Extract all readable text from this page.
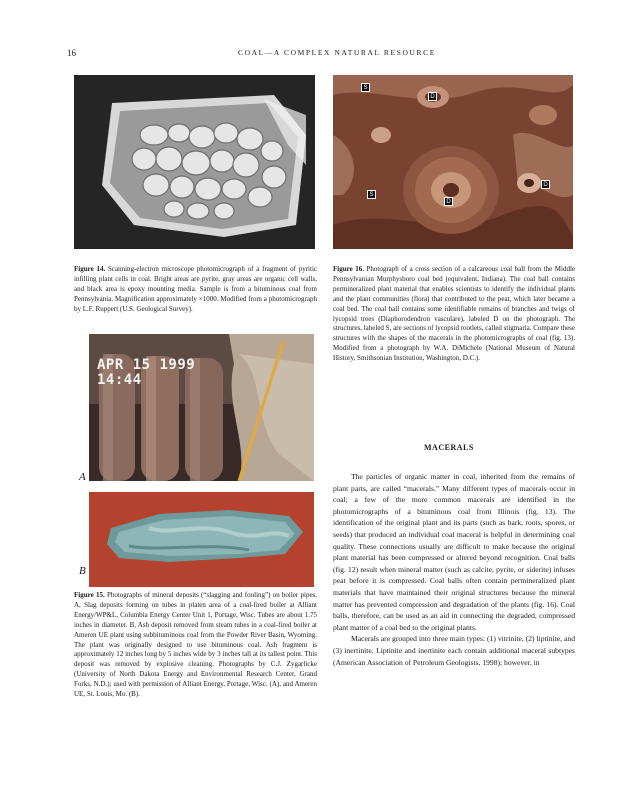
16	COAL—A COMPLEX NATURAL RESOURCE
S
D
S
D
D

Figure 14. Scanning-electron microscope photomicrograph of a fragment of pyritic infilling plant cells in coal. Bright areas are pyrite, gray areas are organic cell walls, and black area is epoxy mounting media. Sample is from a bituminous coal from Pennsylvania. Magnification approximately ×1000. Modified from a photomicrograph by L.F. Ruppert (U.S. Geological Survey).

Figure 16. Photograph of a cross section of a calcareous coal ball from the Middle Pennsylvanian Murphysboro coal bed (equivalent, Indiana). The coal ball contains permineralized plant material that enables scientists to identify the individual plants and the plant communities (flora) that contributed to the peat, which later became a coal bed. The coal ball contains some identifiable remains of branches and twigs of lycopsid trees (Diaphorodendron vasculare), labeled D on the photograph. The structures, labeled S, are sections of lycopsid rootlets, called stigmaria. Compare these structures with the shapes of the macerals in the photomicrographs of coal (fig. 13). Modified from a photograph by W.A. DiMichele (National Museum of Natural History, Smithsonian Institution, Washington, D.C.).

APR 15 1999
14:44
A
B

Figure 15. Photographs of mineral deposits (“slagging and fouling”) on boiler pipes. A, Slag deposits forming on tubes in platen area of a coal-fired boiler at Alliant Energy/WP&L, Columbia Energy Center Unit 1, Portage, Wisc. Tubes are about 1.75 inches in diameter. B, Ash deposit removed from steam tubes in a coal-fired boiler at Ameren UE plant using subbituminous coal from the Powder River Basin, Wyoming. The plant was originally designed to use bituminous coal. Ash fragment is approximately 12 inches long by 5 inches wide by 3 inches tall at its tallest point. This deposit was removed by explosive cleaning. Photographs by C.J. Zygarlicke (University of North Dakota Energy and Environmental Research Center, Grand Forks, N.D.); used with permission of Alliant Energy, Portage, Wisc. (A), and Ameren UE, St. Louis, Mo. (B).

MACERALS

The particles of organic matter in coal, inherited from the remains of plant parts, are called “macerals.” Many different types of macerals occur in coal; a few of the more common macerals are identified in the photomicrographs of a bituminous coal from Illinois (fig. 13). The identification of the original plant and its parts (such as bark, roots, spores, or seeds) that produced an individual coal maceral is helpful in determining coal quality. These connections usually are difficult to make because the original plant material has been compressed or altered beyond recognition. Coal balls (fig. 12) result when mineral matter (such as calcite, pyrite, or siderite) infuses peat before it is compressed. Coal balls often contain permineralized plant materials that have maintained their original structures because the mineral matter has prevented compression and degradation of the plants (fig. 16). Coal balls, therefore, can be used as an aid in connecting the degraded, compressed plant matter of a coal bed to the original plants.

Macerals are grouped into three main types: (1) vitrinite, (2) liptinite, and (3) inertinite. Liptinite and inertinite each contain additional maceral subtypes (American Association of Petroleum Geologists, 1998); however, in
